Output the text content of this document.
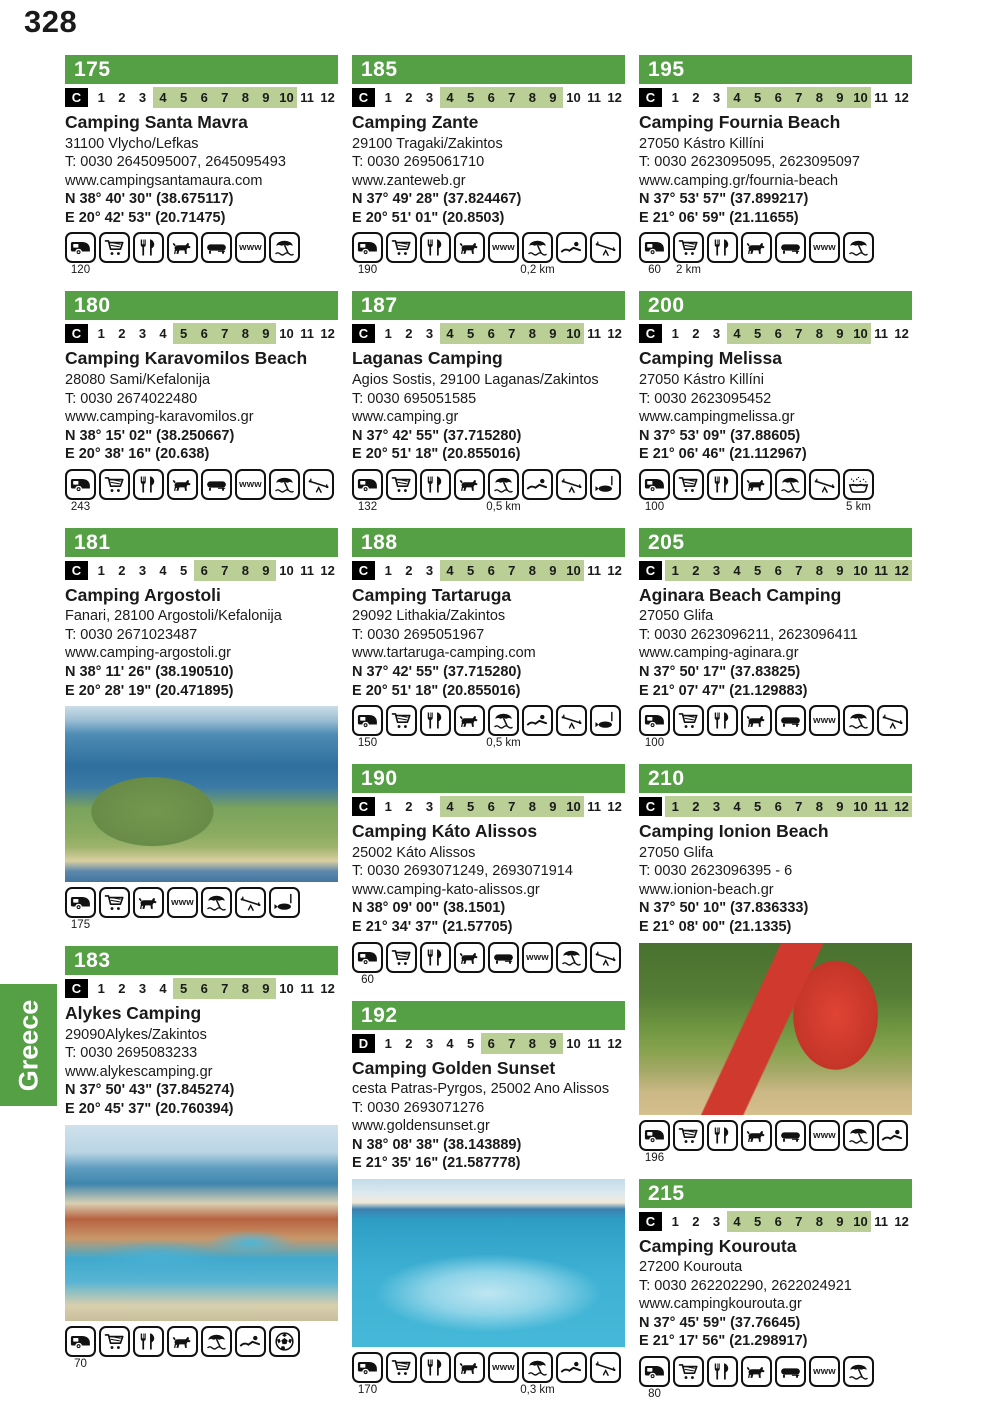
328
Greece
175
C	1	2	3	4	5	6	7	8	9 10 11 12
Camping Santa Mavra
31100 Vlycho/Lefkas
T: 0030 2645095007, 2645095493
www.campingsantamaura.com
N 38° 40' 30" (38.675117)
E 20° 42' 53" (20.71475)
120
www
180
C	1	2	3	4	5	6	7	8	9 10 11 12
Camping Karavomilos Beach
28080 Sami/Kefalonija
T: 0030 2674022480
www.camping-karavomilos.gr
N 38° 15' 02" (38.250667)
E 20° 38' 16" (20.638)
243
www
181
C	1	2	3	4	5	6	7	8	9 10 11 12
Camping Argostoli
Fanari, 28100 Argostoli/Kefalonija
T: 0030 2671023487
www.camping-argostoli.gr
N 38° 11' 26" (38.190510)
E 20° 28' 19" (20.471895)
175
www
183
C	1	2	3	4	5	6	7	8	9 10 11 12
Alykes Camping
29090Alykes/Zakintos
T: 0030 2695083233
www.alykescamping.gr
N 37° 50' 43" (37.845274)
E 20° 45' 37" (20.760394)
70
185
C	1	2	3	4	5	6	7	8	9 10 11 12
Camping Zante
29100 Tragaki/Zakintos
T: 0030 2695061710
www.zanteweb.gr
N 37° 49' 28" (37.824467)
E 20° 51' 01" (20.8503)
190
www
0,2 km
187
C	1	2	3	4	5	6	7	8	9 10 11 12
Laganas Camping
Agios Sostis, 29100 Laganas/Zakintos
T: 0030 695051585
www.camping.gr
N 37° 42' 55" (37.715280)
E 20° 51' 18" (20.855016)
132	0,5 km
188
C	1	2	3	4	5	6	7	8	9 10 11 12
Camping Tartaruga
29092 Lithakia/Zakintos
T: 0030 2695051967
www.tartaruga-camping.com
N 37° 42' 55" (37.715280)
E 20° 51' 18" (20.855016)
150	0,5 km
190
C	1	2	3	4	5	6	7	8	9 10 11 12
Camping Káto Alissos
25002 Káto Alissos
T: 0030 2693071249, 2693071914
www.camping-kato-alissos.gr
N 38° 09' 00" (38.1501)
E 21° 34' 37" (21.57705)
60
www
192
D	1	2	3	4	5	6	7	8	9 10 11 12
Camping Golden Sunset
cesta Patras-Pyrgos, 25002 Ano Alissos
T: 0030 2693071276
www.goldensunset.gr
N 38° 08' 38" (38.143889)
E 21° 35' 16" (21.587778)
170
www
0,3 km
195
C	1	2	3	4	5	6	7	8	9 10 11 12
Camping Fournia Beach
27050 Kástro Killíni
T: 0030 2623095095, 2623095097
www.camping.gr/fournia-beach
N 37° 53' 57" (37.899217)
E 21° 06' 59" (21.11655)
60 2 km
www
200
C	1	2	3	4	5	6	7	8	9 10 11 12
Camping Melissa
27050 Kástro Killíni
T: 0030 2623095452
www.campingmelissa.gr
N 37° 53' 09" (37.88605)
E 21° 06' 46" (21.112967)
100	5 km
205
C	1	2	3	4	5	6	7	8	9 10 11 12
Aginara Beach Camping
27050 Glifa
T: 0030 2623096211, 2623096411
www.camping-aginara.gr
N 37° 50' 17" (37.83825)
E 21° 07' 47" (21.129883)
100
www
210
C	1	2	3	4	5	6	7	8	9 10 11 12
Camping Ionion Beach
27050 Glifa
T: 0030 2623096395 - 6
www.ionion-beach.gr
N 37° 50' 10" (37.836333)
E 21° 08' 00" (21.1335)
196
www
215
C	1	2	3	4	5	6	7	8	9 10 11 12
Camping Kourouta
27200 Kourouta
T: 0030 262202290, 2622024921
www.campingkourouta.gr
N 37° 45' 59" (37.76645)
E 21° 17' 56" (21.298917)
80
www
